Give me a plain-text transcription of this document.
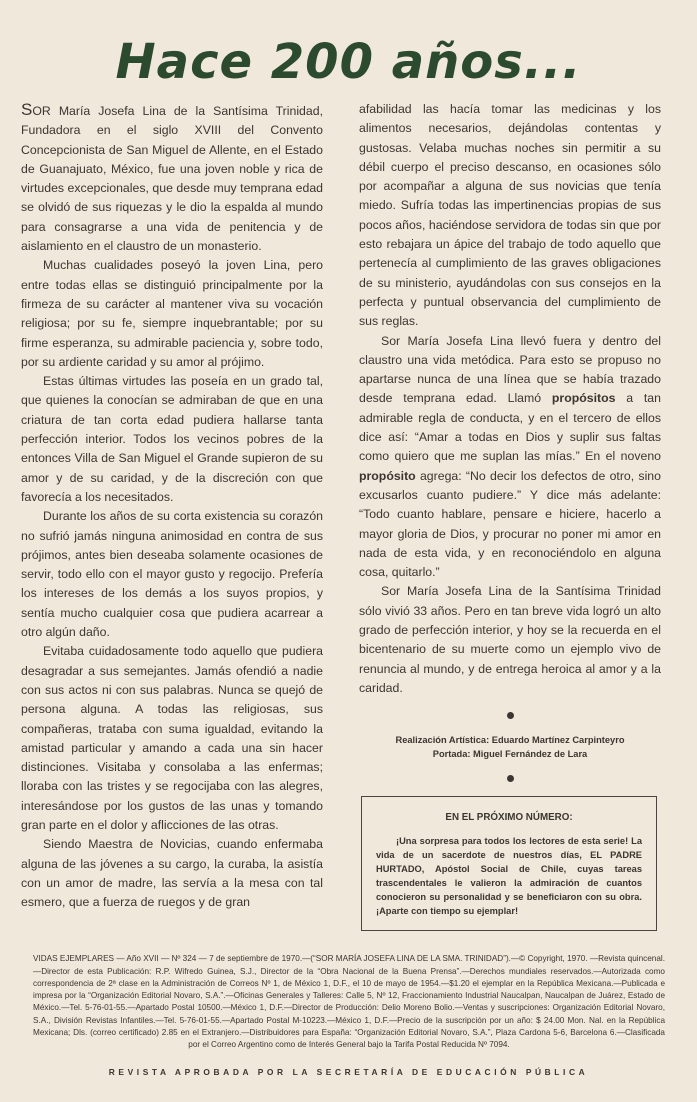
Hace 200 años...

SOR María Josefa Lina de la Santísima Trinidad, Fundadora en el siglo XVIII del Convento Concepcionista de San Miguel de Allente, en el Estado de Guanajuato, México, fue una joven noble y rica de virtudes excepcionales, que desde muy temprana edad se olvidó de sus riquezas y le dio la espalda al mundo para consagrarse a una vida de penitencia y de aislamiento en el claustro de un monasterio.

Muchas cualidades poseyó la joven Lina, pero entre todas ellas se distinguió principalmente por la firmeza de su carácter al mantener viva su vocación religiosa; por su fe, siempre inquebrantable; por su firme esperanza, su admirable paciencia y, sobre todo, por su ardiente caridad y su amor al prójimo.

Estas últimas virtudes las poseía en un grado tal, que quienes la conocían se admiraban de que en una criatura de tan corta edad pudiera hallarse tanta perfección interior. Todos los vecinos pobres de la entonces Villa de San Miguel el Grande supieron de su amor y de su caridad, y de la discreción con que favorecía a los necesitados.

Durante los años de su corta existencia su corazón no sufrió jamás ninguna animosidad en contra de sus prójimos, antes bien deseaba solamente ocasiones de servir, todo ello con el mayor gusto y regocijo. Prefería los intereses de los demás a los suyos propios, y sentía mucho cualquier cosa que pudiera acarrear a otro algún daño.

Evitaba cuidadosamente todo aquello que pudiera desagradar a sus semejantes. Jamás ofendió a nadie con sus actos ni con sus palabras. Nunca se quejó de persona alguna. A todas las religiosas, sus compañeras, trataba con suma igualdad, evitando la amistad particular y amando a cada una sin hacer distinciones. Visitaba y consolaba a las enfermas; lloraba con las tristes y se regocijaba con las alegres, interesándose por los gustos de las unas y tomando gran parte en el dolor y aflicciones de las otras.

Siendo Maestra de Novicias, cuando enfermaba alguna de las jóvenes a su cargo, la curaba, la asistía con un amor de madre, las servía a la mesa con tal esmero, que a fuerza de ruegos y de gran

afabilidad las hacía tomar las medicinas y los alimentos necesarios, dejándolas contentas y gustosas. Velaba muchas noches sin permitir a su débil cuerpo el preciso descanso, en ocasiones sólo por acompañar a alguna de sus novicias que tenía miedo. Sufría todas las impertinencias propias de sus pocos años, haciéndose servidora de todas sin que por esto rebajara un ápice del trabajo de todo aquello que pertenecía al cumplimiento de las graves obligaciones de su ministerio, ayudándolas con sus consejos en la perfecta y puntual observancia del cumplimiento de sus reglas.

Sor María Josefa Lina llevó fuera y dentro del claustro una vida metódica. Para esto se propuso no apartarse nunca de una línea que se había trazado desde temprana edad. Llamó propósitos a tan admirable regla de conducta, y en el tercero de ellos dice así: “Amar a todas en Dios y suplir sus faltas como quiero que me suplan las mías.” En el noveno propósito agrega: “No decir los defectos de otro, sino excusarlos cuanto pudiere.” Y dice más adelante: “Todo cuanto hablare, pensare e hiciere, hacerlo a mayor gloria de Dios, y procurar no poner mi amor en nada de esta vida, y en reconociéndolo en alguna cosa, quitarlo.”

Sor María Josefa Lina de la Santísima Trinidad sólo vivió 33 años. Pero en tan breve vida logró un alto grado de perfección interior, y hoy se la recuerda en el bicentenario de su muerte como un ejemplo vivo de renuncia al mundo, y de entrega heroica al amor y a la caridad.

Realización Artística: Eduardo Martínez Carpinteyro
Portada: Miguel Fernández de Lara
EN EL PRÓXIMO NÚMERO:

¡Una sorpresa para todos los lectores de esta serie! La vida de un sacerdote de nuestros días, EL PADRE HURTADO, Apóstol Social de Chile, cuyas tareas trascendentales le valieron la admiración de cuantos conocieron su personalidad y se beneficiaron con su obra. ¡Aparte con tiempo su ejemplar!

VIDAS EJEMPLARES — Año XVII — Nº 324 — 7 de septiembre de 1970.—(“SOR MARÍA JOSEFA LINA DE LA SMA. TRINIDAD”).—© Copyright, 1970. —Revista quincenal.—Director de esta Publicación: R.P. Wifredo Guinea, S.J., Director de la “Obra Nacional de la Buena Prensa”.—Derechos mundiales reservados.—Autorizada como correspondencia de 2ª clase en la Administración de Correos Nº 1, de México 1, D.F., el 10 de mayo de 1954.—$1.20 el ejemplar en la República Mexicana.—Publicada e impresa por la “Organización Editorial Novaro, S.A.”.—Oficinas Generales y Talleres: Calle 5, Nº 12, Fraccionamiento Industrial Naucalpan, Naucalpan de Juárez, Estado de México.—Tel. 5-76-01-55.—Apartado Postal 10500.—México 1, D.F.—Director de Producción: Delio Moreno Bolio.—Ventas y suscripciones: Organización Editorial Novaro, S.A., División Revistas Infantiles.—Tel. 5-76-01-55.—Apartado Postal M-10223.—México 1, D.F.—Precio de la suscripción por un año: $ 24.00 Mon. Nal. en la República Mexicana; Dls. (correo certificado) 2.85 en el Extranjero.—Distribuidores para España: “Organización Editorial Novaro, S.A.”, Plaza Cardona 5-6, Barcelona 6.—Clasificada por el Correo Argentino como de Interés General bajo la Tarifa Postal Reducida Nº 7094.
REVISTA APROBADA POR LA SECRETARÍA DE EDUCACIÓN PÚBLICA
